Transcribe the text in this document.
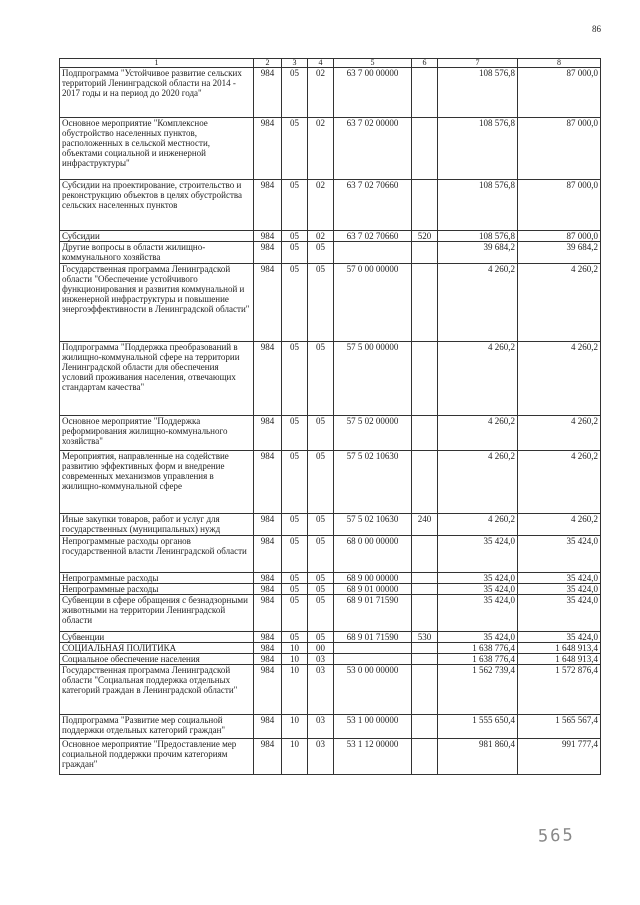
86
1	2	3	4	5	6	7	8
Подпрограмма "Устойчивое развитие сельских территорий Ленинградской области на 2014 - 2017 годы и на период до 2020 года"	984	05	02	63 7 00 00000		108 576,8	87 000,0
Основное мероприятие "Комплексное обустройство населенных пунктов, расположенных в сельской местности, объектами социальной и инженерной инфраструктуры"	984	05	02	63 7 02 00000		108 576,8	87 000,0
Субсидии на проектирование, строительство и реконструкцию объектов в целях обустройства сельских населенных пунктов	984	05	02	63 7 02 70660		108 576,8	87 000,0
Субсидии	984	05	02	63 7 02 70660	520	108 576,8	87 000,0
Другие вопросы в области жилищно-коммунального хозяйства	984	05	05			39 684,2	39 684,2
Государственная программа Ленинградской области "Обеспечение устойчивого функционирования и развития коммунальной и инженерной инфраструктуры и повышение энергоэффективности в Ленинградской области"	984	05	05	57 0 00 00000		4 260,2	4 260,2
Подпрограмма "Поддержка преобразований в жилищно-коммунальной сфере на территории Ленинградской области для обеспечения условий проживания населения, отвечающих стандартам качества"	984	05	05	57 5 00 00000		4 260,2	4 260,2
Основное мероприятие "Поддержка реформирования жилищно-коммунального хозяйства"	984	05	05	57 5 02 00000		4 260,2	4 260,2
Мероприятия, направленные на содействие развитию эффективных форм и внедрение современных механизмов управления в жилищно-коммунальной сфере	984	05	05	57 5 02 10630		4 260,2	4 260,2
Иные закупки товаров, работ и услуг для государственных (муниципальных) нужд	984	05	05	57 5 02 10630	240	4 260,2	4 260,2
Непрограммные расходы органов государственной власти Ленинградской области	984	05	05	68 0 00 00000		35 424,0	35 424,0
Непрограммные расходы	984	05	05	68 9 00 00000		35 424,0	35 424,0
Непрограммные расходы	984	05	05	68 9 01 00000		35 424,0	35 424,0
Субвенции в сфере обращения с безнадзорными животными на территории Ленинградской области	984	05	05	68 9 01 71590		35 424,0	35 424,0
Субвенции	984	05	05	68 9 01 71590	530	35 424,0	35 424,0
СОЦИАЛЬНАЯ ПОЛИТИКА	984	10	00			1 638 776,4	1 648 913,4
Социальное обеспечение населения	984	10	03			1 638 776,4	1 648 913,4
Государственная программа Ленинградской области "Социальная поддержка отдельных категорий граждан в Ленинградской области"	984	10	03	53 0 00 00000		1 562 739,4	1 572 876,4
Подпрограмма "Развитие мер социальной поддержки отдельных категорий граждан"	984	10	03	53 1 00 00000		1 555 650,4	1 565 567,4
Основное мероприятие "Предоставление мер социальной поддержки прочим категориям граждан"	984	10	03	53 1 12 00000		981 860,4	991 777,4
565
